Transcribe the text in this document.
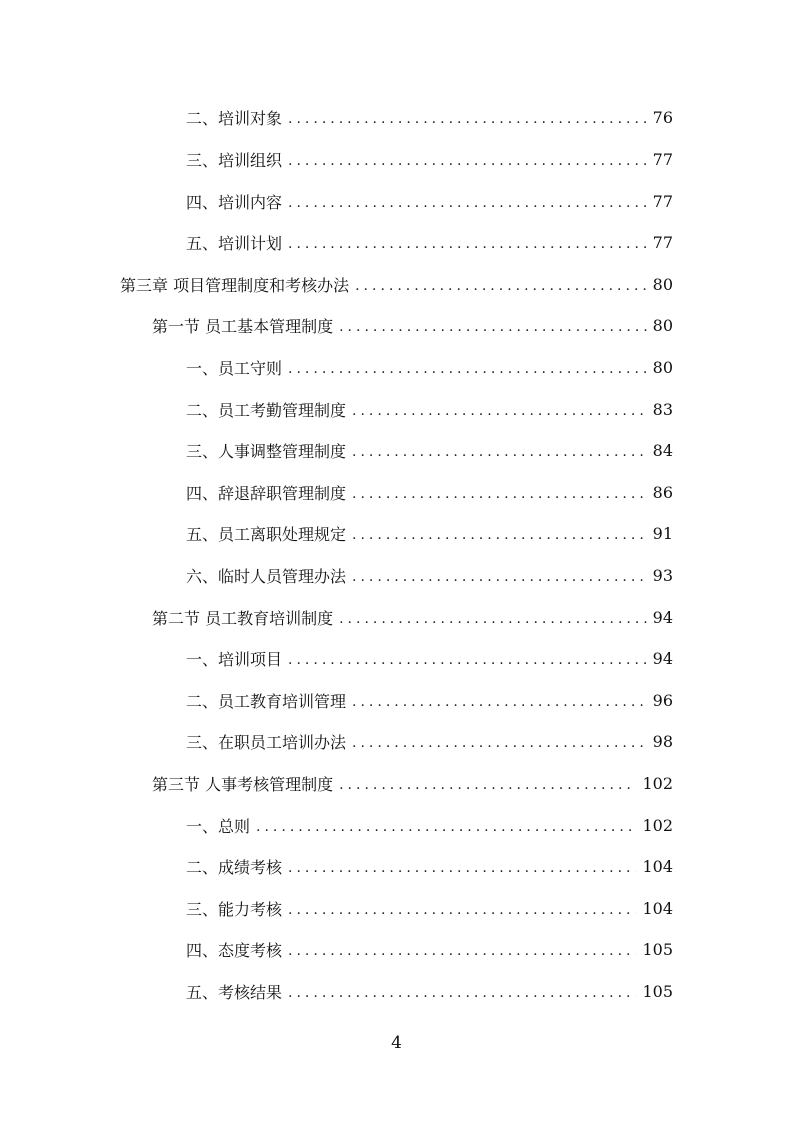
二、培训对象 .....	76
三、培训组织 .....	77
四、培训内容 .....	77
五、培训计划 .....	77
第三章 项目管理制度和考核办法 .....	80
第一节 员工基本管理制度 .....	80
一、员工守则 .....	80
二、员工考勤管理制度 .....	83
三、人事调整管理制度 .....	84
四、辞退辞职管理制度 .....	86
五、员工离职处理规定 .....	91
六、临时人员管理办法 .....	93
第二节 员工教育培训制度 .....	94
一、培训项目 .....	94
二、员工教育培训管理 .....	96
三、在职员工培训办法 .....	98
第三节 人事考核管理制度 .....	102
一、总则 .....	102
二、成绩考核 .....	104
三、能力考核 .....	104
四、态度考核 .....	105
五、考核结果 .....	105
4
